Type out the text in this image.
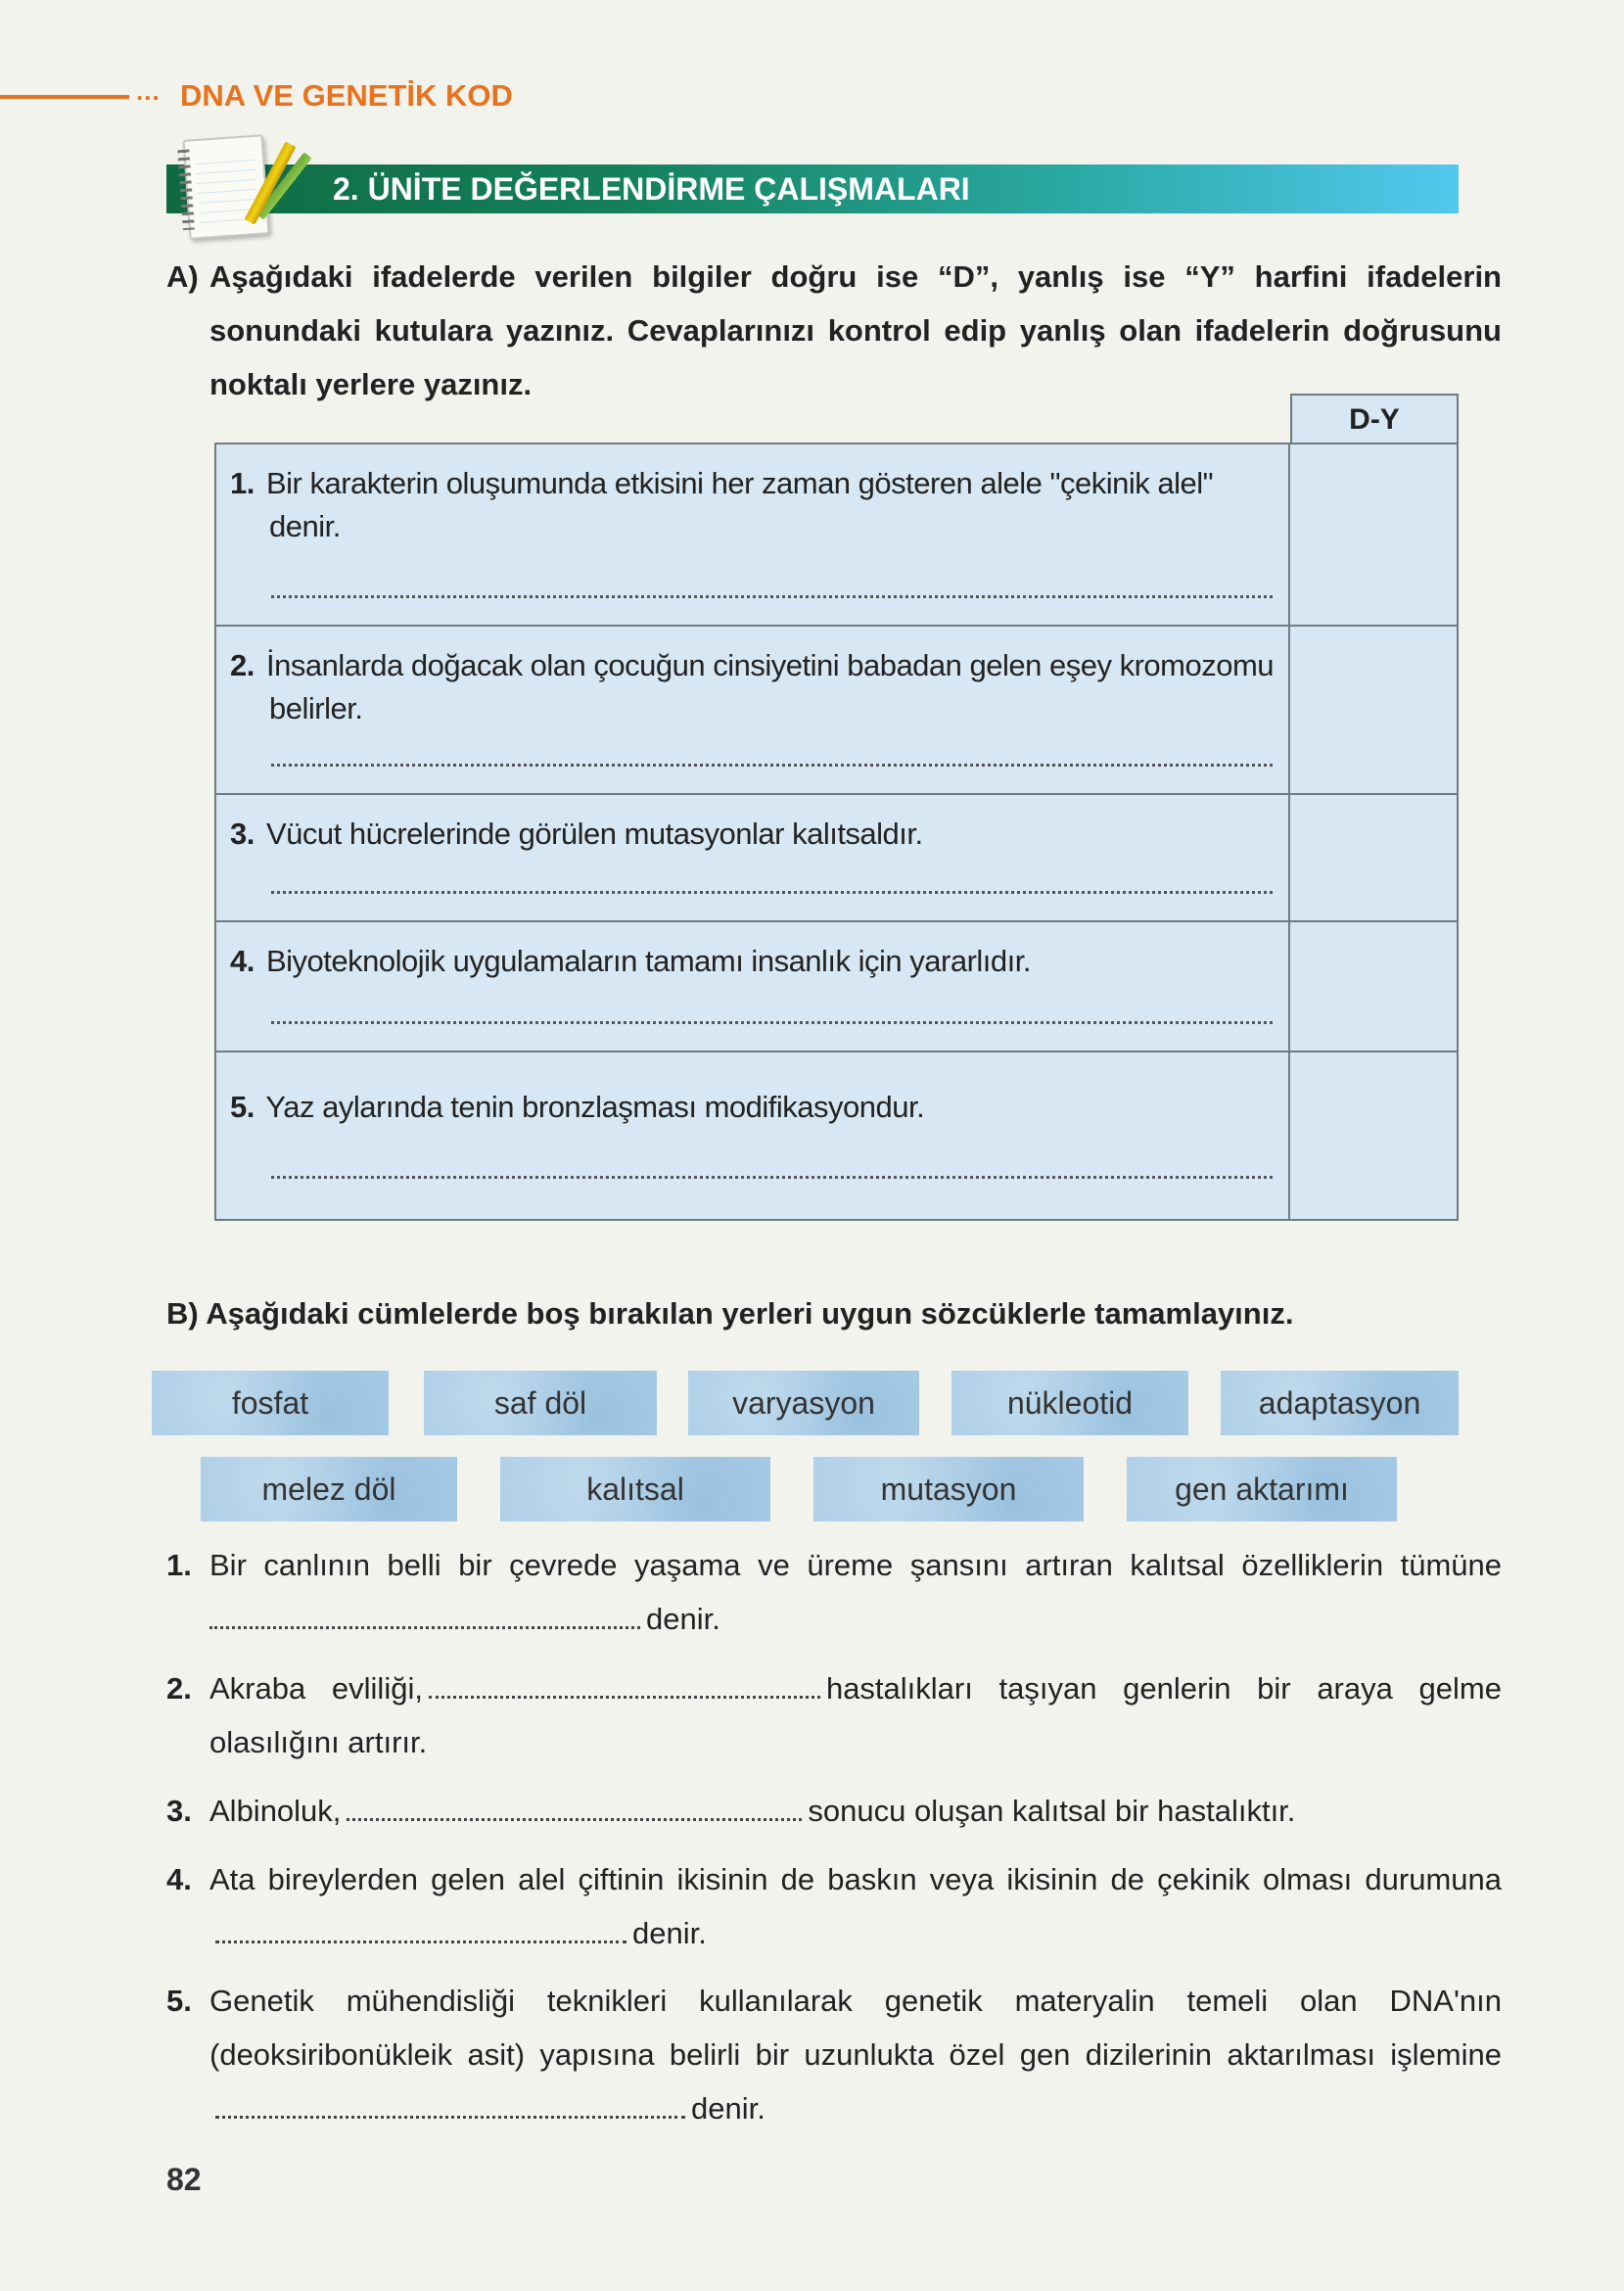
... DNA VE GENETİK KOD
2. ÜNİTE DEĞERLENDİRME ÇALIŞMALARI
A) Aşağıdaki ifadelerde verilen bilgiler doğru ise “D”, yanlış ise “Y” harfini ifadelerin sonundaki kutulara yazınız. Cevaplarınızı kontrol edip yanlış olan ifadelerin doğrusunu noktalı yerlere yazınız.
D-Y
1. Bir karakterin oluşumunda etkisini her zaman gösteren alele "çekinik alel" denir.
2. İnsanlarda doğacak olan çocuğun cinsiyetini babadan gelen eşey kromozomu belirler.
3. Vücut hücrelerinde görülen mutasyonlar kalıtsaldır.
4. Biyoteknolojik uygulamaların tamamı insanlık için yararlıdır.
5. Yaz aylarında tenin bronzlaşması modifikasyondur.
B) Aşağıdaki cümlelerde boş bırakılan yerleri uygun sözcüklerle tamamlayınız.
fosfat	saf döl	varyasyon	nükleotid	adaptasyon
melez döl	kalıtsal	mutasyon	gen aktarımı
1. Bir canlının belli bir çevrede yaşama ve üreme şansını artıran kalıtsal özelliklerin tümünedenir.
2. Akraba evliliği,	hastalıkları taşıyan genlerin bir araya gelme olasılığını artırır.
3. Albinoluk,	sonucu oluşan kalıtsal bir hastalıktır.
4. Ata bireylerden gelen alel çiftinin ikisinin de baskın veya ikisinin de çekinik olması durumunadenir.
5. Genetik mühendisliği teknikleri kullanılarak genetik materyalin temeli olan DNA'nın (deoksiribonükleik asit) yapısına belirli bir uzunlukta özel gen dizilerinin aktarılması işleminedenir.
82
